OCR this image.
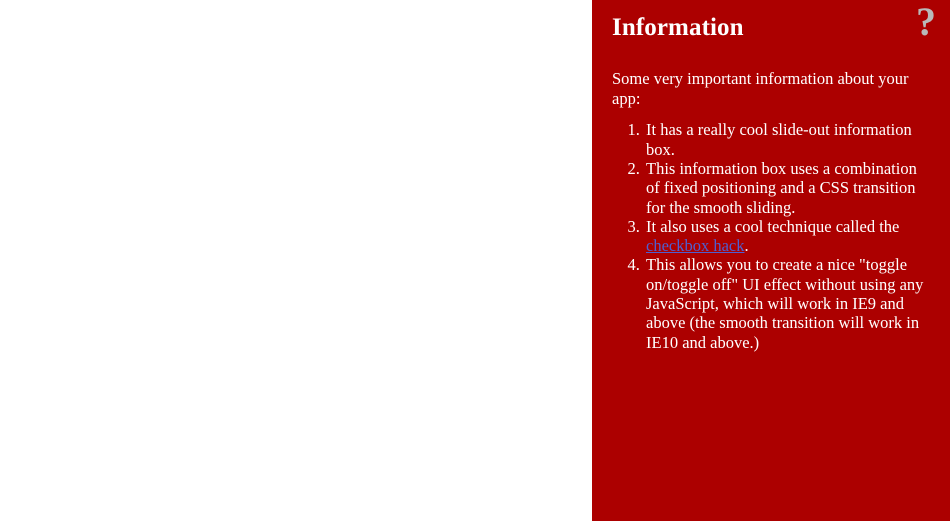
?
Information

Some very important information about your app:

1. It has a really cool slide-out information box.
2. This information box uses a combination of fixed positioning and a CSS transition for the smooth sliding.
3. It also uses a cool technique called the checkbox hack.
4. This allows you to create a nice "toggle on/toggle off" UI effect without using any JavaScript, which will work in IE9 and above (the smooth transition will work in IE10 and above.)
